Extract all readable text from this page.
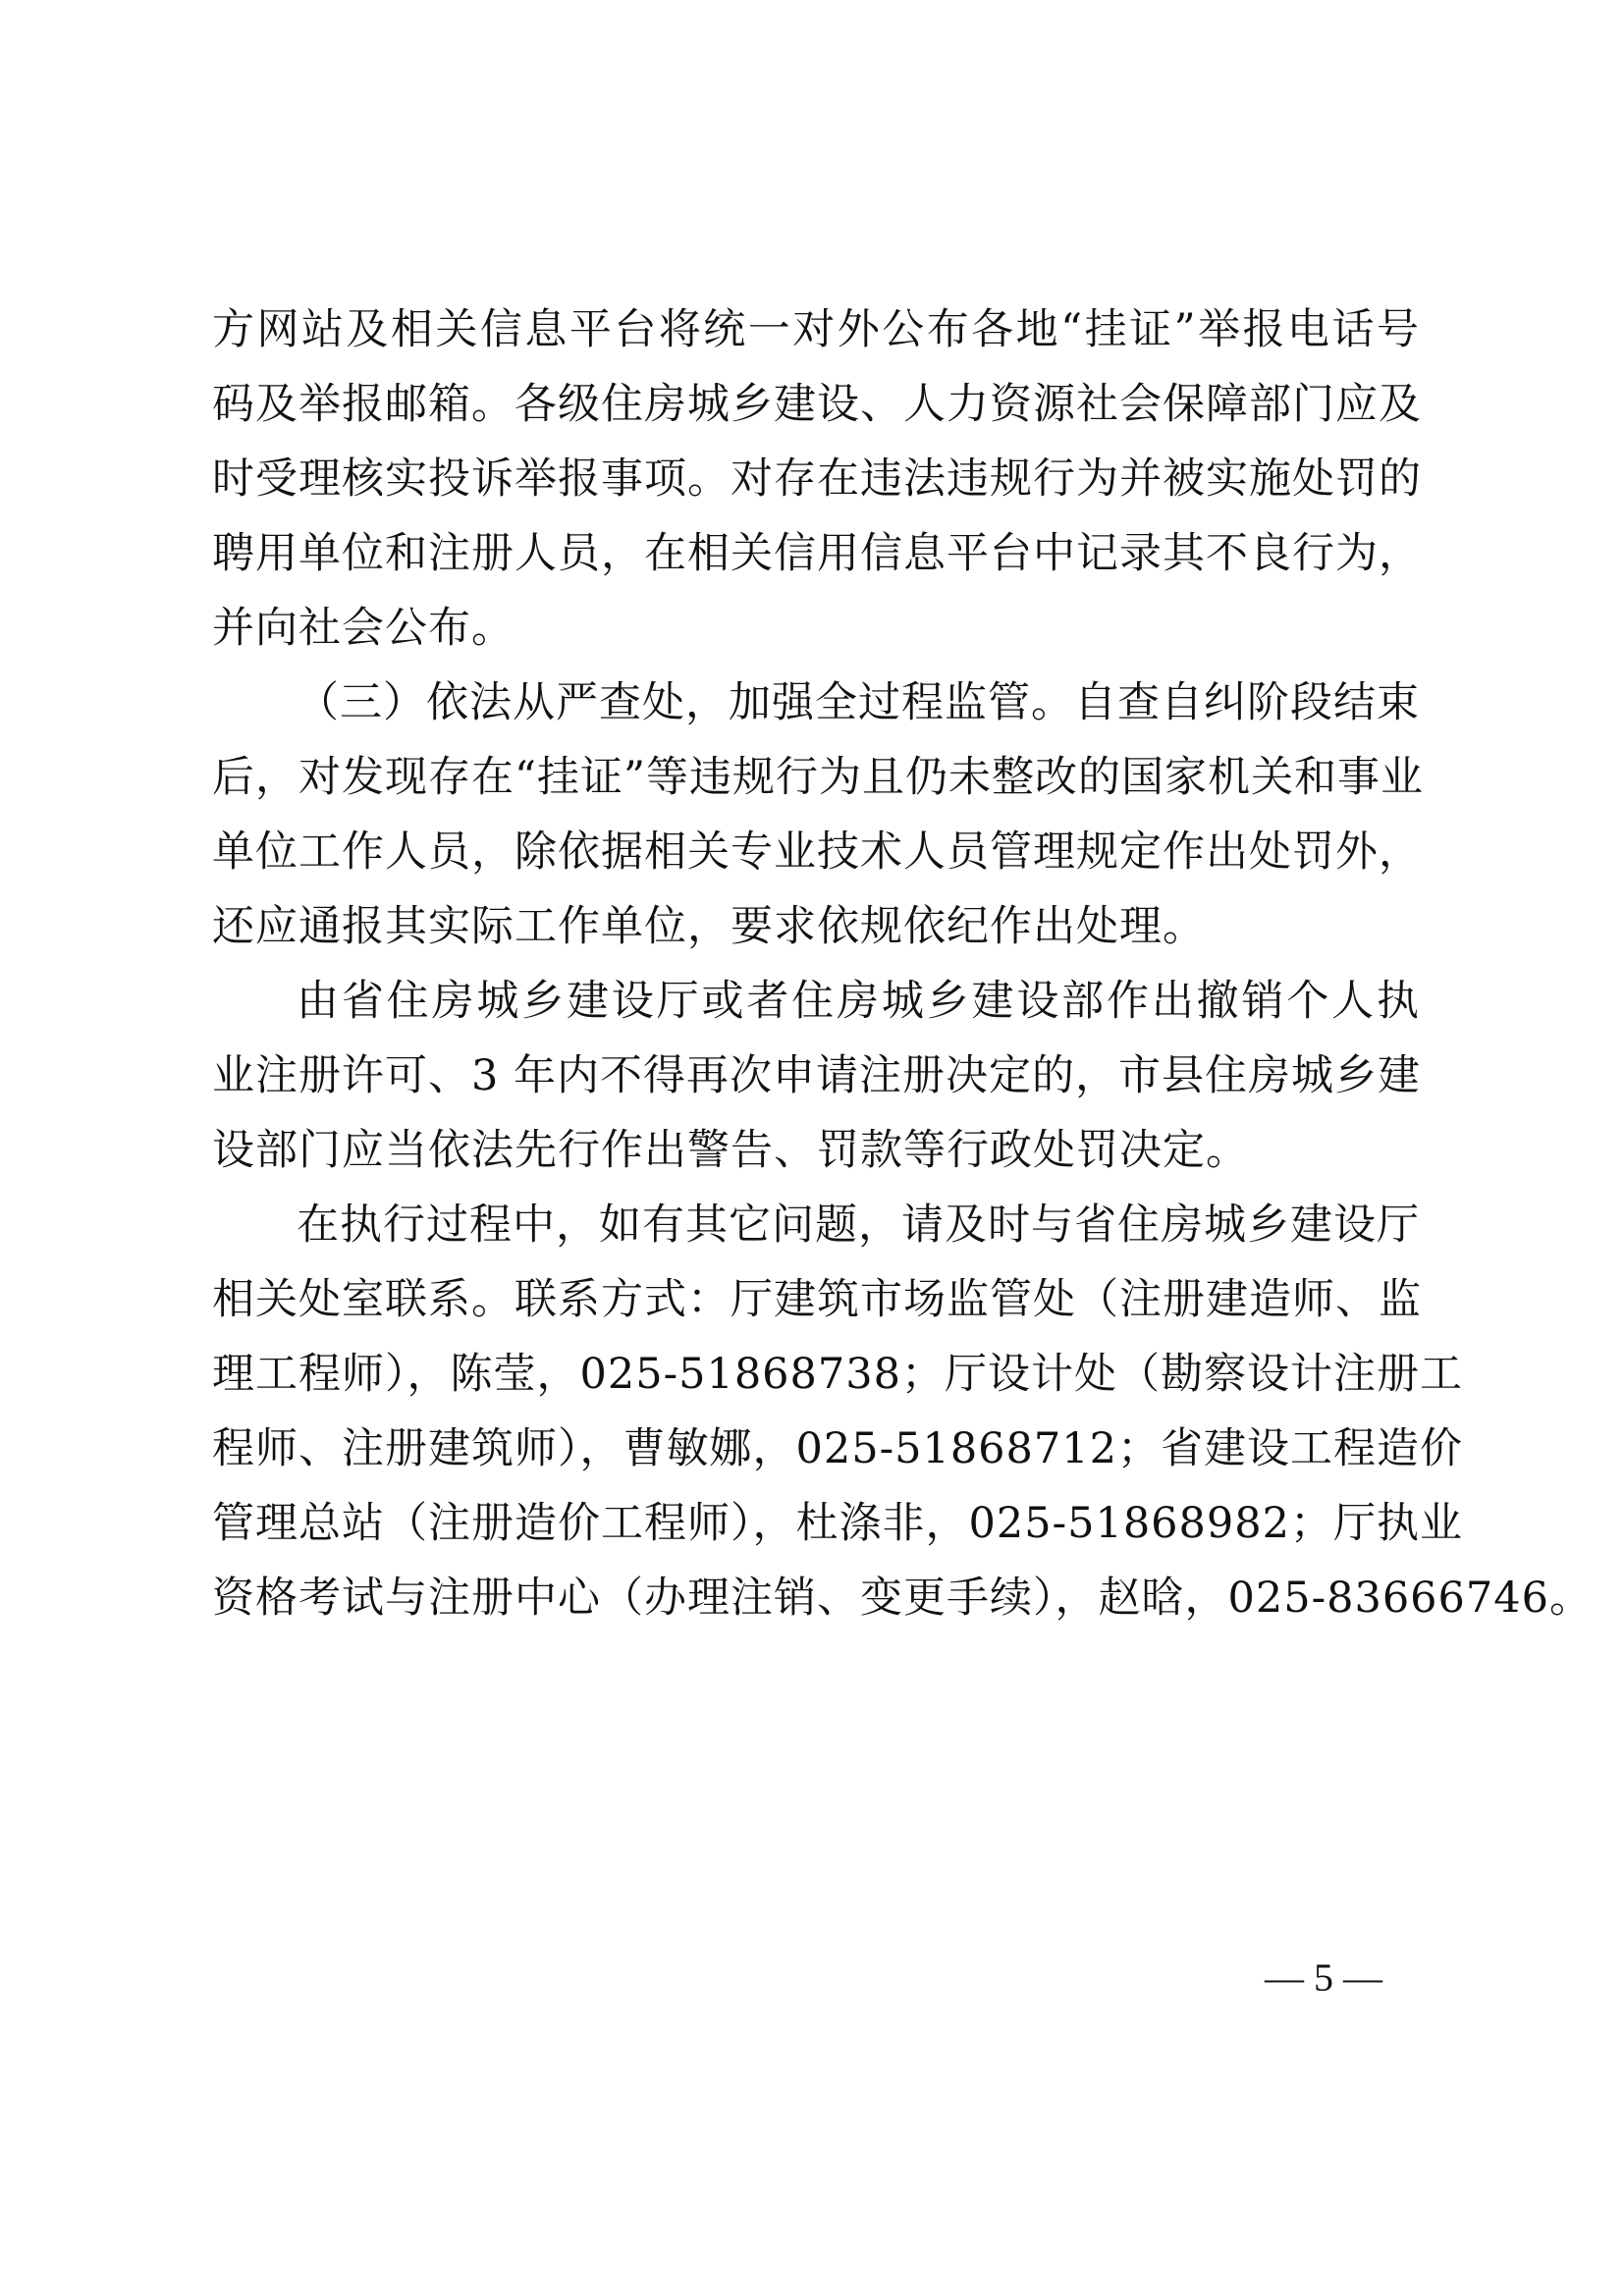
方网站及相关信息平台将统一对外公布各地“挂证”举报电话号
码及举报邮箱。各级住房城乡建设、人力资源社会保障部门应及
时受理核实投诉举报事项。对存在违法违规行为并被实施处罚的
聘用单位和注册人员，在相关信用信息平台中记录其不良行为，
并向社会公布。
（三）依法从严查处，加强全过程监管。自查自纠阶段结束
后，对发现存在“挂证”等违规行为且仍未整改的国家机关和事业
单位工作人员，除依据相关专业技术人员管理规定作出处罚外，
还应通报其实际工作单位，要求依规依纪作出处理。
由省住房城乡建设厅或者住房城乡建设部作出撤销个人执
业注册许可、3 年内不得再次申请注册决定的，市县住房城乡建
设部门应当依法先行作出警告、罚款等行政处罚决定。
在执行过程中，如有其它问题，请及时与省住房城乡建设厅
相关处室联系。联系方式：厅建筑市场监管处（注册建造师、监
理工程师），陈莹，025-51868738；厅设计处（勘察设计注册工
程师、注册建筑师），曹敏娜，025-51868712；省建设工程造价
管理总站（注册造价工程师），杜涤非，025-51868982；厅执业
资格考试与注册中心（办理注销、变更手续），赵晗，025-83666746。
— 5 —
